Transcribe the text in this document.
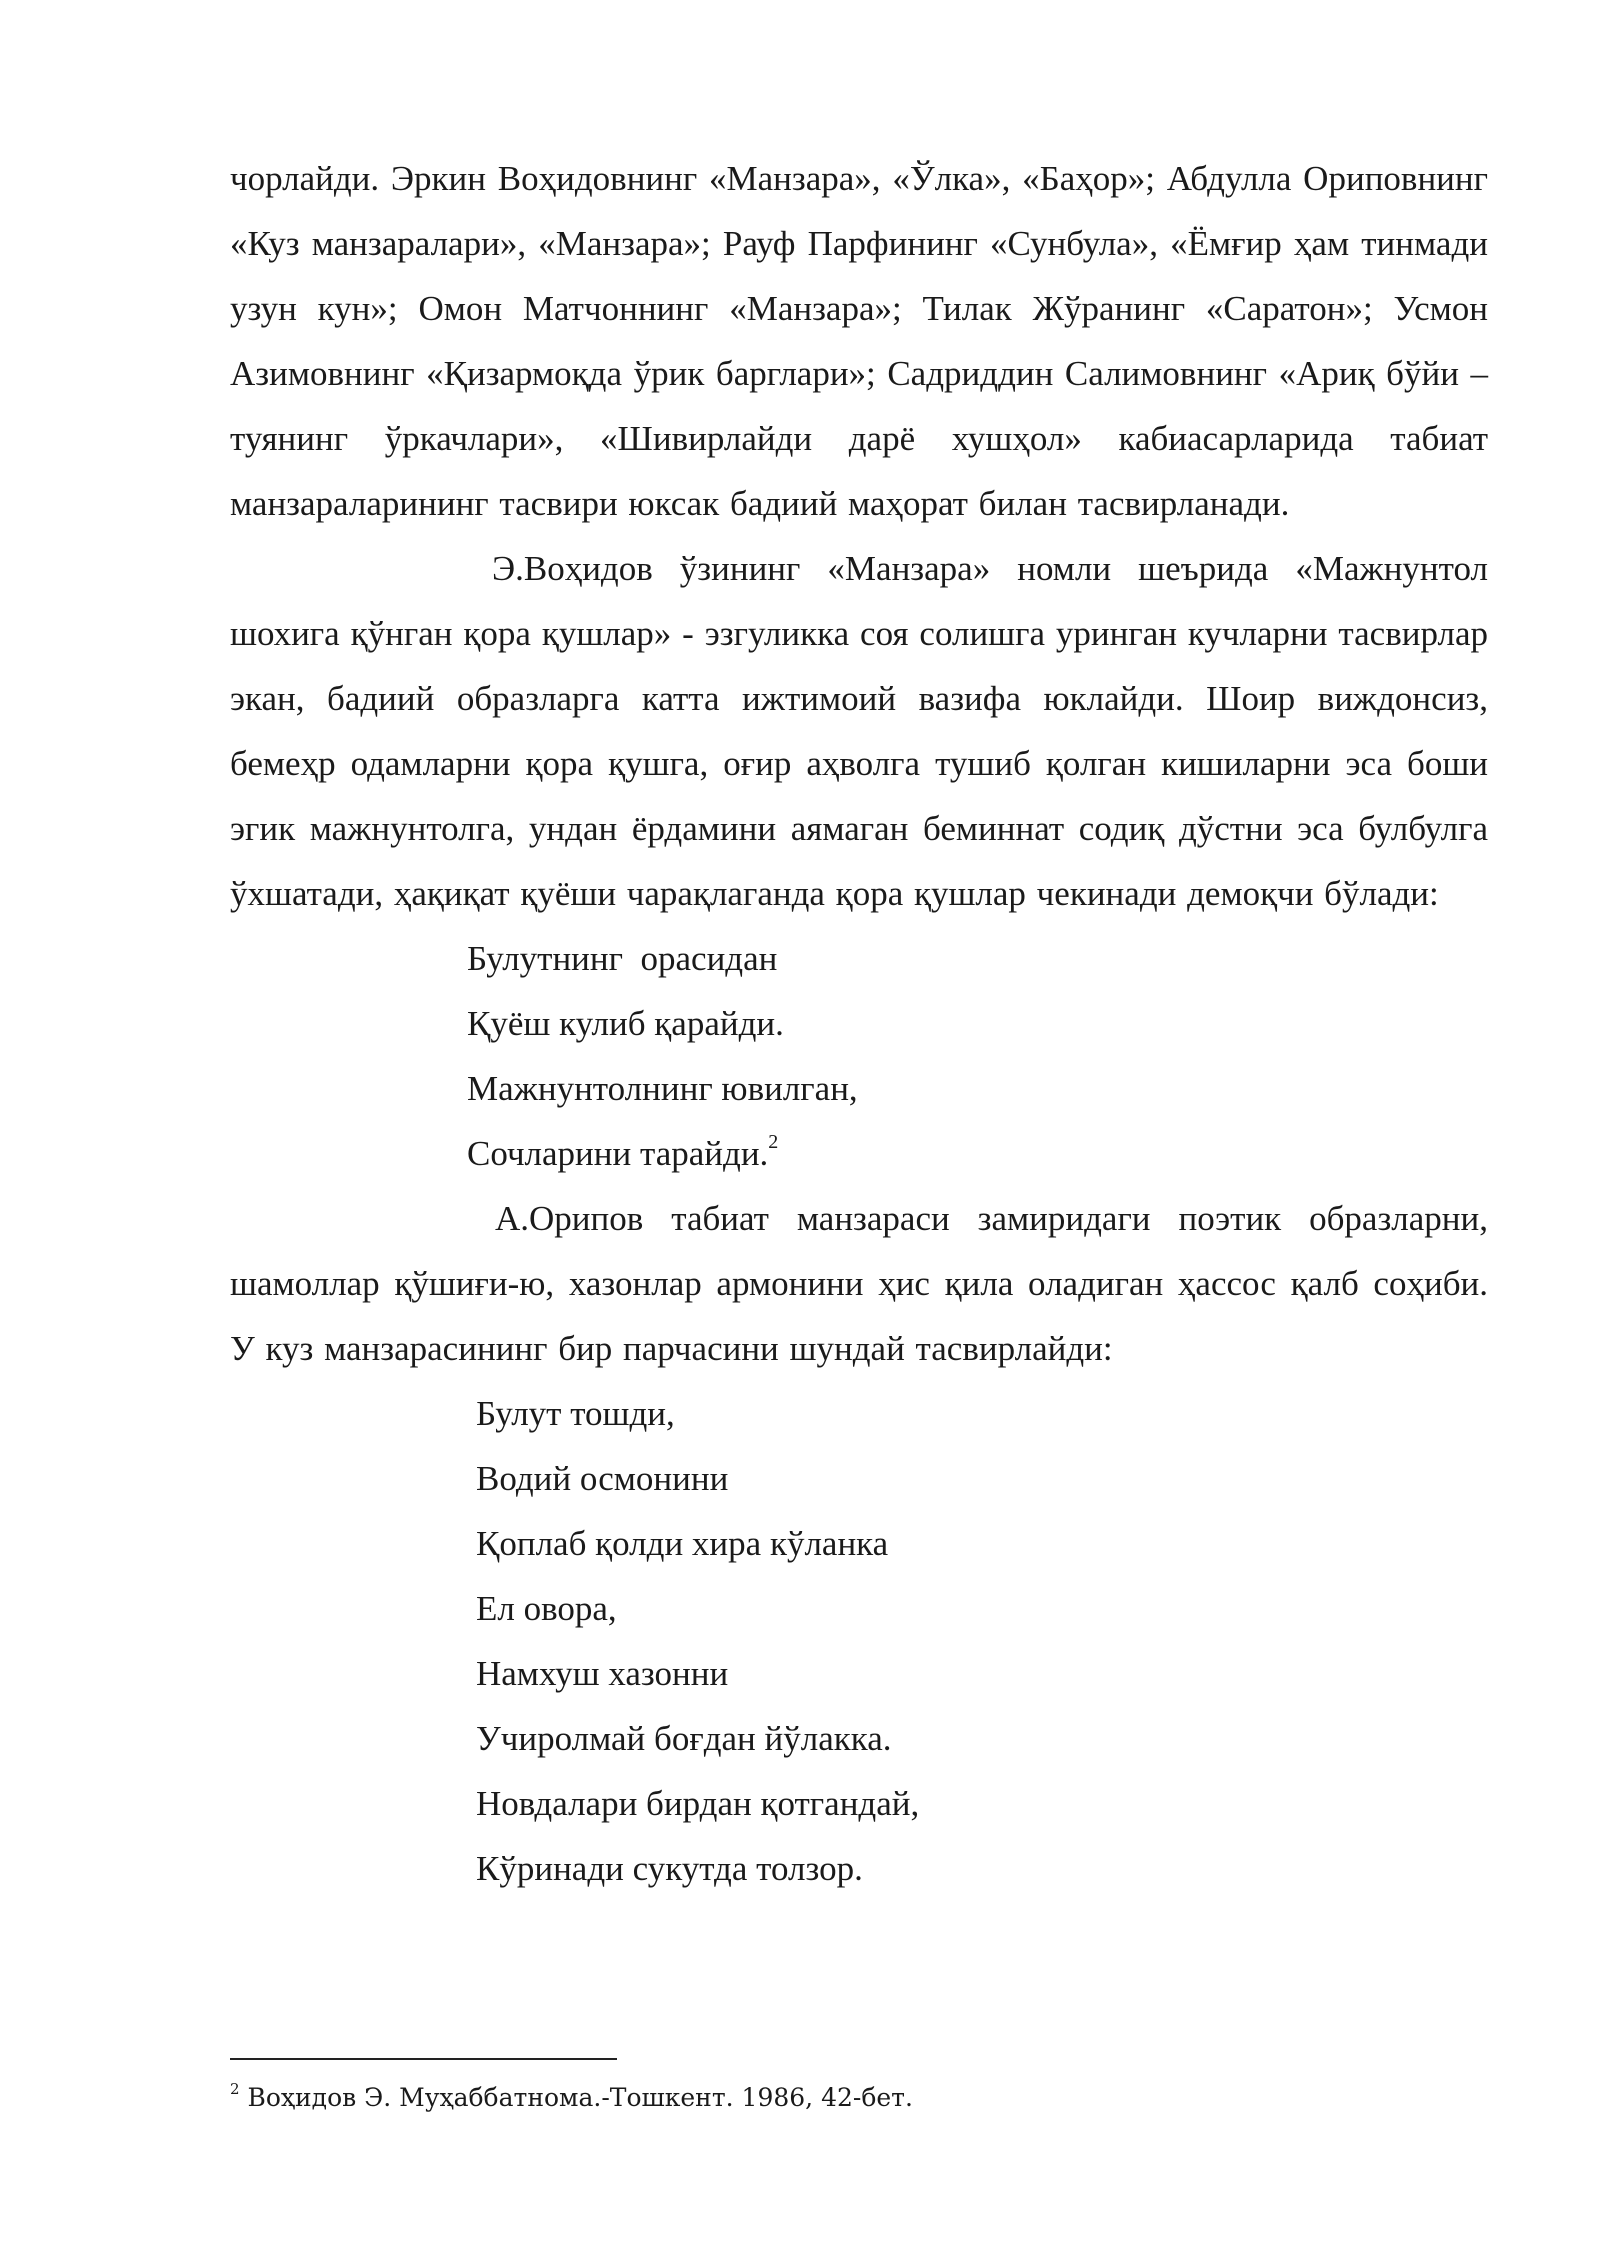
чорлайди. Эркин Воҳидовнинг «Манзара», «Ўлка», «Баҳор»; Абдулла Ориповнинг «Куз манзаралари», «Манзара»; Рауф Парфининг «Сунбула», «Ёмғир ҳам тинмади узун кун»; Омон Матчоннинг «Манзара»; Тилак Жўранинг «Саратон»; Усмон Азимовнинг «Қизармоқда ўрик барглари»; Садриддин Салимовнинг «Ариқ бўйи – туянинг ўркачлари», «Шивирлайди дарё хушҳол» кабиасарларида табиат манзараларининг тасвири юксак бадиий маҳорат билан тасвирланади.

Э.Воҳидов ўзининг «Манзара» номли шеърида «Мажнунтол шохига қўнган қора қушлар» - эзгуликка соя солишга уринган кучларни тасвирлар экан, бадиий образларга катта ижтимоий вазифа юклайди. Шоир виждонсиз, бемеҳр одамларни қора қушга, оғир аҳволга тушиб қолган кишиларни эса боши эгик мажнунтолга, ундан ёрдамини аямаган беминнат содиқ дўстни эса булбулга ўхшатади, ҳақиқат қуёши чарақлаганда қора қушлар чекинади демоқчи бўлади:

Булутнинг  орасидан
Қуёш кулиб қарайди.
Мажнунтолнинг ювилган,
Сочларини тарайди.$^2$

А.Орипов табиат манзараси замиридаги поэтик образларни, шамоллар қўшиғи-ю, хазонлар армонини ҳис қила оладиган ҳассос қалб соҳиби. У куз манзарасининг бир парчасини шундай тасвирлайди:

Булут тошди,
Водий осмонини
Қоплаб қолди хира кўланка
Ел овора,
Намхуш хазонни
Учиролмай боғдан йўлакка.
Новдалари бирдан қотгандай,
Кўринади сукутда толзор.
$^2$ Воҳидов Э. Муҳаббатнома.-Тошкент. 1986, 42-бет.
